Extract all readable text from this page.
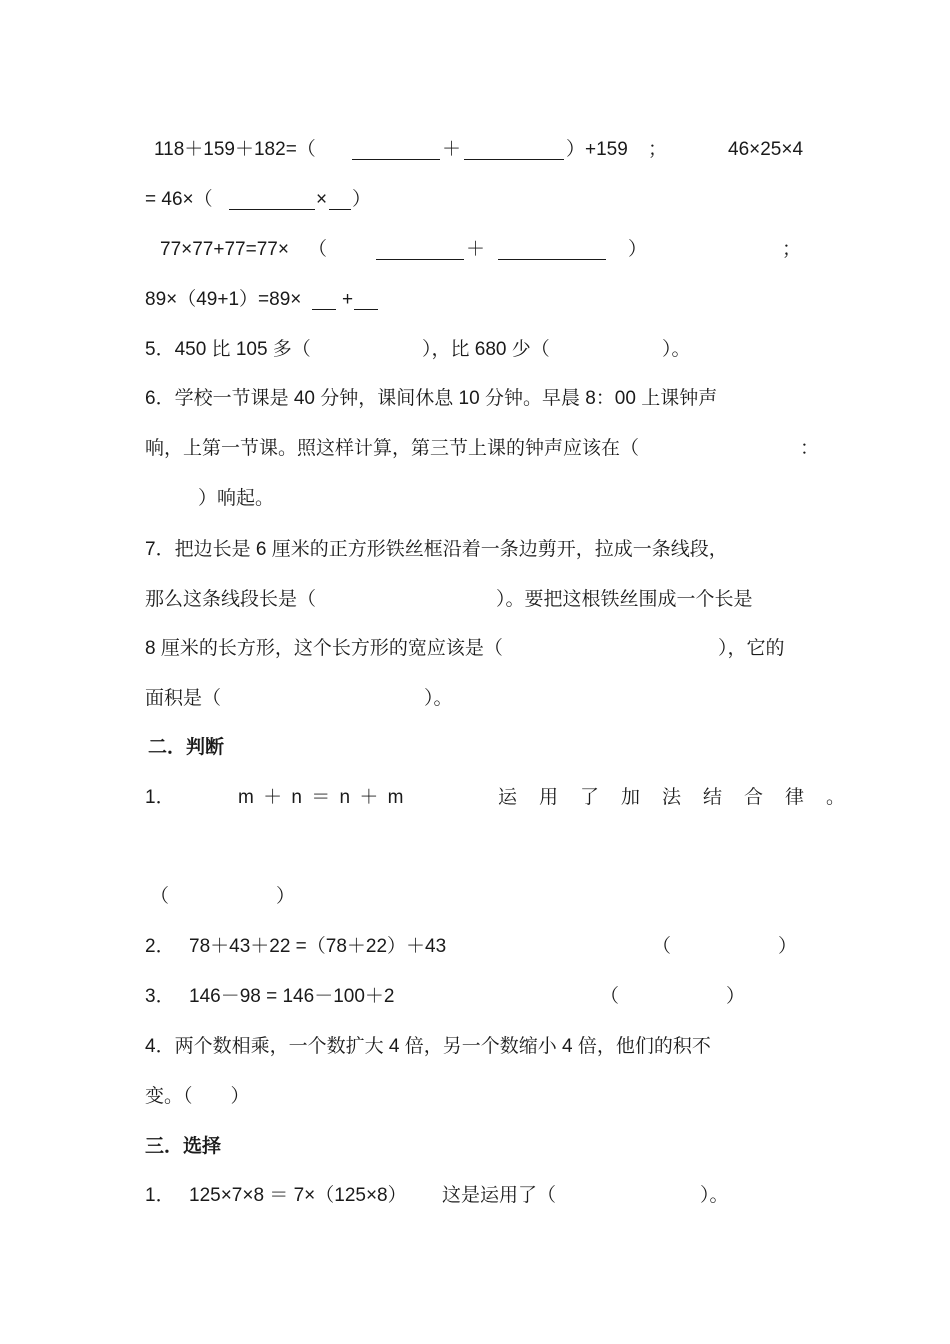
118＋159＋182=（	＋	）+159 ；	46×25×4
= 46×（	× ）
77×77+77=77× （	＋	）	；
89×（49+1）=89× +
5．450 比 105 多（	），比 680 少（	）。
6．学校一节课是 40 分钟，课间休息 10 分钟。早晨 8：00 上课钟声
响，上第一节课。照这样计算，第三节上课的钟声应该在（	：
）响起。
7．把边长是 6 厘米的正方形铁丝框沿着一条边剪开，拉成一条线段，
那么这条线段长是（	）。要把这根铁丝围成一个长是
8 厘米的长方形，这个长方形的宽应该是（	），它的
面积是（	）。
二．判断
1．	m ＋ n ＝ n ＋ m	运用了加法结合律。
（	）
2． 78＋43＋22 =（78＋22）＋43	（	）
3． 146－98 = 146－100＋2	（	）
4．两个数相乘，一个数扩大 4 倍，另一个数缩小 4 倍，他们的积不
变。（　　）
三．选择
1． 125×7×8 ＝ 7×（125×8） 这是运用了（	）。
